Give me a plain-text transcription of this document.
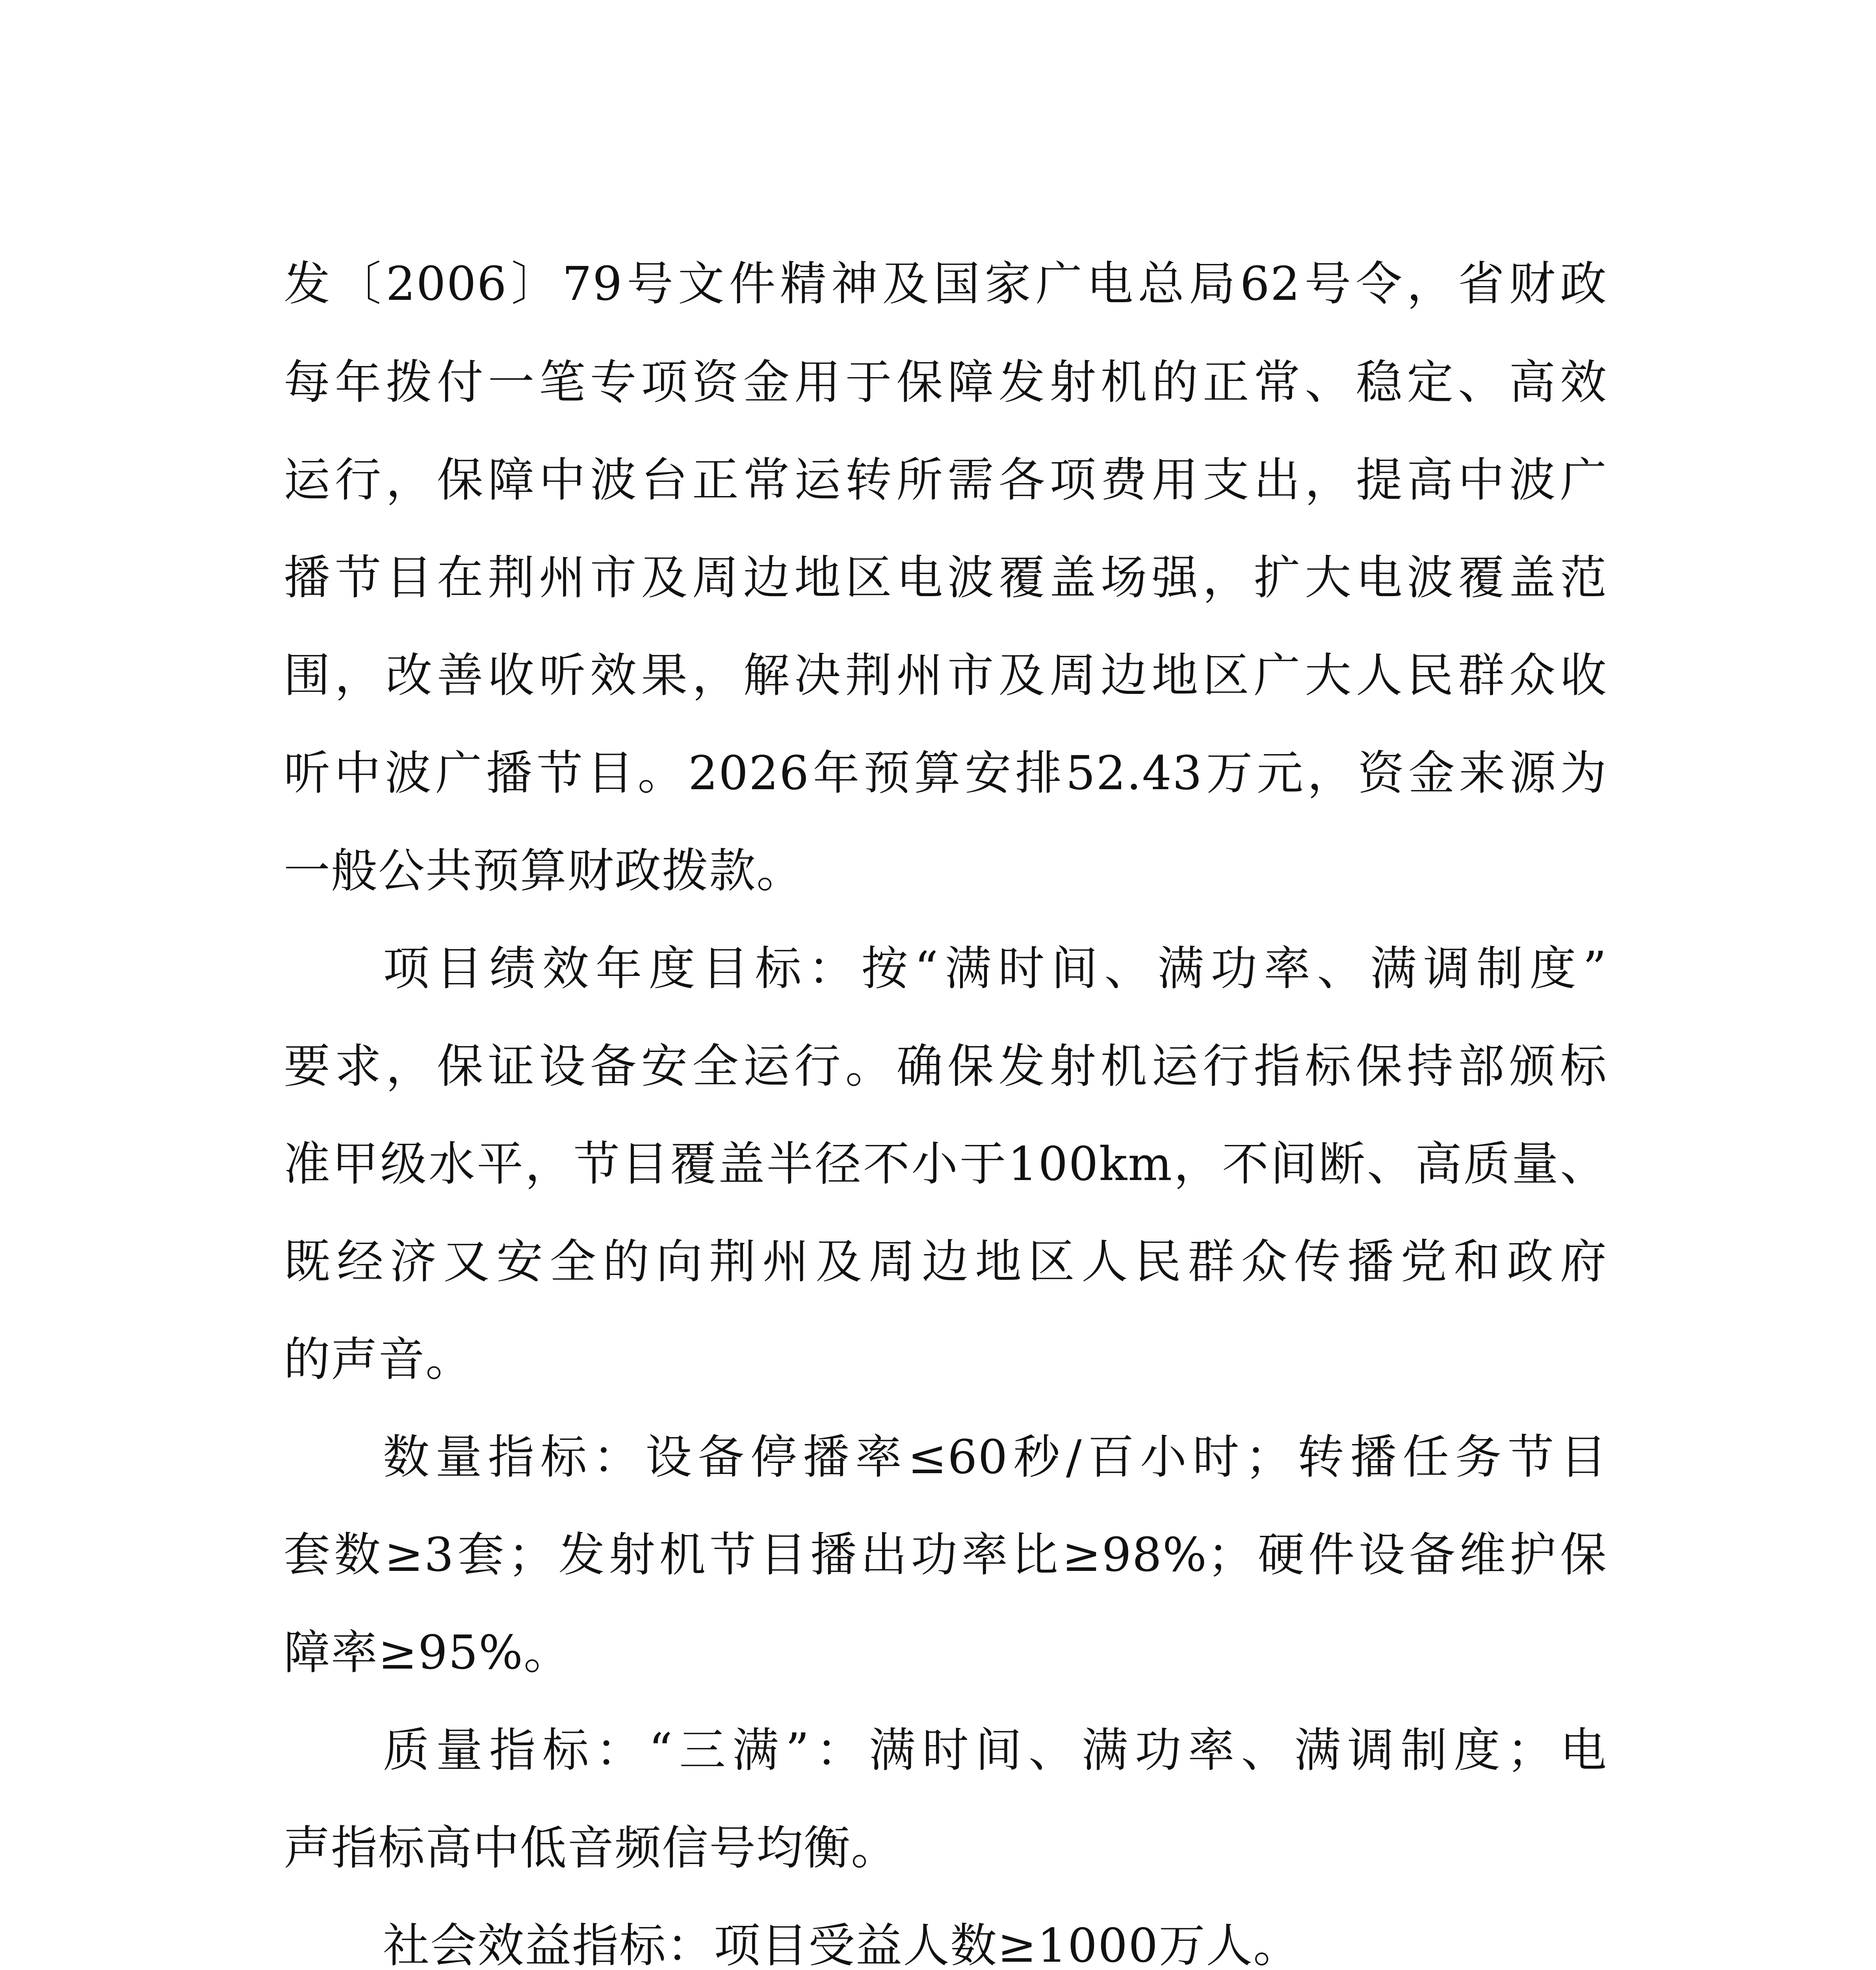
发〔2006〕79号文件精神及国家广电总局62号令，省财政
每年拨付一笔专项资金用于保障发射机的正常、稳定、高效
运行，保障中波台正常运转所需各项费用支出，提高中波广
播节目在荆州市及周边地区电波覆盖场强，扩大电波覆盖范
围，改善收听效果，解决荆州市及周边地区广大人民群众收
听中波广播节目。2026年预算安排52.43万元，资金来源为
一般公共预算财政拨款。
项目绩效年度目标：按“满时间、满功率、满调制度”
要求，保证设备安全运行。确保发射机运行指标保持部颁标
准甲级水平，节目覆盖半径不小于100km，不间断、高质量、
既经济又安全的向荆州及周边地区人民群众传播党和政府
的声音。
数量指标：设备停播率≤60秒/百小时；转播任务节目
套数≥3套；发射机节目播出功率比≥98%；硬件设备维护保
障率≥95%。
质量指标：“三满”：满时间、满功率、满调制度；电
声指标高中低音频信号均衡。
社会效益指标：项目受益人数≥1000万人。
